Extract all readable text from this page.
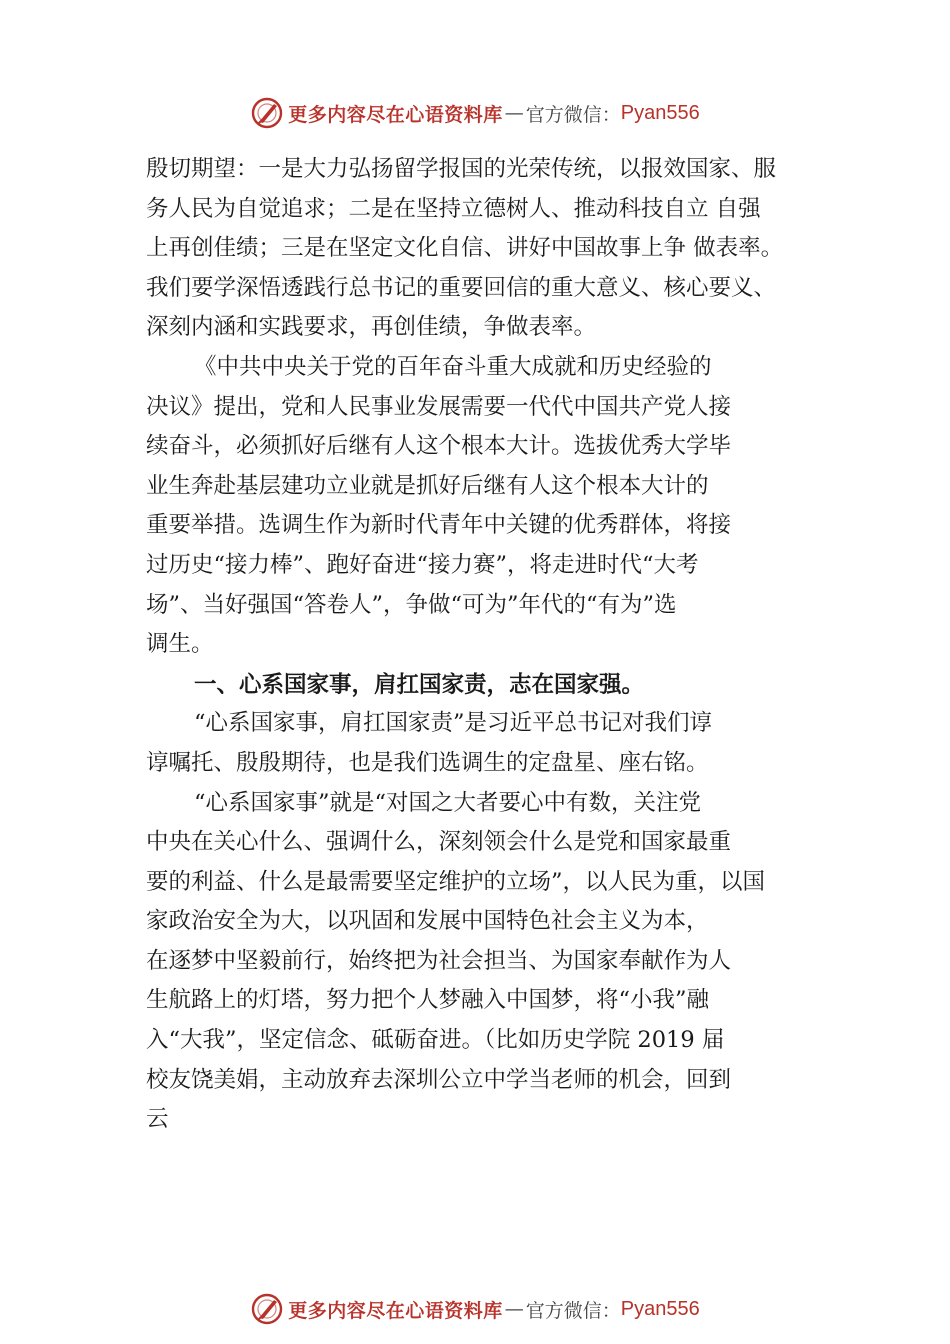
更多内容尽在心语资料库 — 官方微信： Pyan556
殷切期望：一是大力弘扬留学报国的光荣传统，以报效国家、服
务人民为自觉追求；二是在坚持立德树人、推动科技自立 自强
上再创佳绩；三是在坚定文化自信、讲好中国故事上争 做表率。
我们要学深悟透践行总书记的重要回信的重大意义、核心要义、
深刻内涵和实践要求，再创佳绩，争做表率。
《中共中央关于党的百年奋斗重大成就和历史经验的
决议》提出，党和人民事业发展需要一代代中国共产党人接
续奋斗，必须抓好后继有人这个根本大计。选拔优秀大学毕
业生奔赴基层建功立业就是抓好后继有人这个根本大计的
重要举措。选调生作为新时代青年中关键的优秀群体，将接
过历史“接力棒”、跑好奋进“接力赛”，将走进时代“大考
场”、当好强国“答卷人”，争做“可为”年代的“有为”选
调生。
一、心系国家事，肩扛国家责，志在国家强。
“心系国家事，肩扛国家责”是习近平总书记对我们谆
谆嘱托、殷殷期待，也是我们选调生的定盘星、座右铭。
“心系国家事”就是“对国之大者要心中有数，关注党
中央在关心什么、强调什么，深刻领会什么是党和国家最重
要的利益、什么是最需要坚定维护的立场”，以人民为重，以国
家政治安全为大，以巩固和发展中国特色社会主义为本，
在逐梦中坚毅前行，始终把为社会担当、为国家奉献作为人
生航路上的灯塔，努力把个人梦融入中国梦，将“小我”融
入“大我”，坚定信念、砥砺奋进。（比如历史学院 2019 届
校友饶美娟，主动放弃去深圳公立中学当老师的机会，回到
云
更多内容尽在心语资料库 — 官方微信： Pyan556
